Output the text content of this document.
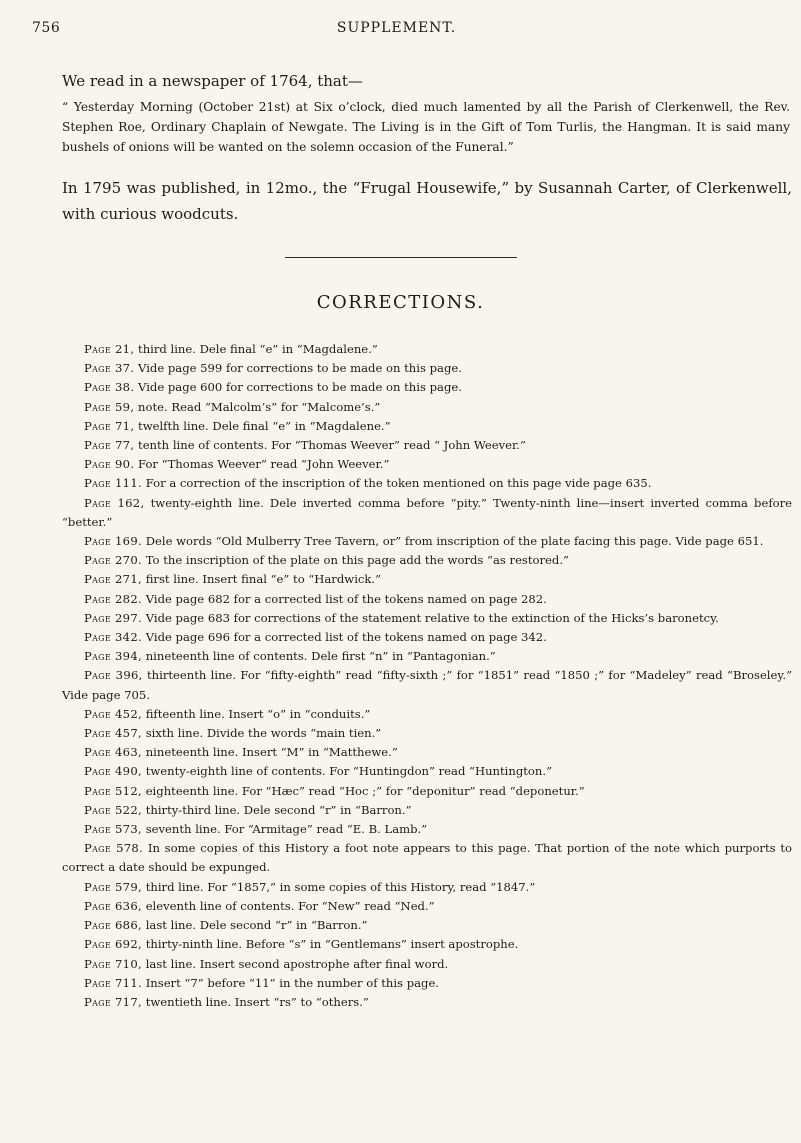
756	SUPPLEMENT.
We read in a newspaper of 1764, that—

“ Yesterday Morning (October 21st) at Six o’clock, died much lamented by all the Parish of Clerkenwell, the Rev. Stephen Roe, Ordinary Chaplain of Newgate. The Living is in the Gift of Tom Turlis, the Hangman. It is said many bushels of onions will be wanted on the solemn occasion of the Funeral.”

In 1795 was published, in 12mo., the “Frugal Housewife,” by Susannah Carter, of Clerkenwell, with curious woodcuts.
CORRECTIONS.

Page 21, third line. Dele final “e” in “Magdalene.”

Page 37. Vide page 599 for corrections to be made on this page.

Page 38. Vide page 600 for corrections to be made on this page.

Page 59, note. Read “Malcolm’s” for “Malcome’s.”

Page 71, twelfth line. Dele final “e” in “Magdalene.”

Page 77, tenth line of contents. For “Thomas Weever” read “ John Weever.”

Page 90. For “Thomas Weever” read “John Weever.”

Page 111. For a correction of the inscription of the token mentioned on this page vide page 635.

Page 162, twenty-eighth line. Dele inverted comma before “pity.” Twenty-ninth line—insert inverted comma before “better.”

Page 169. Dele words “Old Mulberry Tree Tavern, or” from inscription of the plate facing this page. Vide page 651.

Page 270. To the inscription of the plate on this page add the words “as restored.”

Page 271, first line. Insert final “e” to “Hardwick.”

Page 282. Vide page 682 for a corrected list of the tokens named on page 282.

Page 297. Vide page 683 for corrections of the statement relative to the extinction of the Hicks’s baronetcy.

Page 342. Vide page 696 for a corrected list of the tokens named on page 342.

Page 394, nineteenth line of contents. Dele first “n” in “Pantagonian.”

Page 396, thirteenth line. For “fifty-eighth” read “fifty-sixth ;” for “1851” read “1850 ;” for “Madeley” read “Broseley.” Vide page 705.

Page 452, fifteenth line. Insert “o” in “conduits.”

Page 457, sixth line. Divide the words “main tien.”

Page 463, nineteenth line. Insert “M” in “Matthewe.”

Page 490, twenty-eighth line of contents. For “Huntingdon” read “Huntington.”

Page 512, eighteenth line. For “Hæc” read “Hoc ;” for “deponitur” read “deponetur.”

Page 522, thirty-third line. Dele second “r” in “Barron.”

Page 573, seventh line. For “Armitage” read “E. B. Lamb.”

Page 578. In some copies of this History a foot note appears to this page. That portion of the note which purports to correct a date should be expunged.

Page 579, third line. For “1857,” in some copies of this History, read “1847.”

Page 636, eleventh line of contents. For “New” read “Ned.”

Page 686, last line. Dele second “r” in “Barron.”

Page 692, thirty-ninth line. Before “s” in “Gentlemans” insert apostrophe.

Page 710, last line. Insert second apostrophe after final word.

Page 711. Insert “7” before “11” in the number of this page.

Page 717, twentieth line. Insert “rs” to “others.”
